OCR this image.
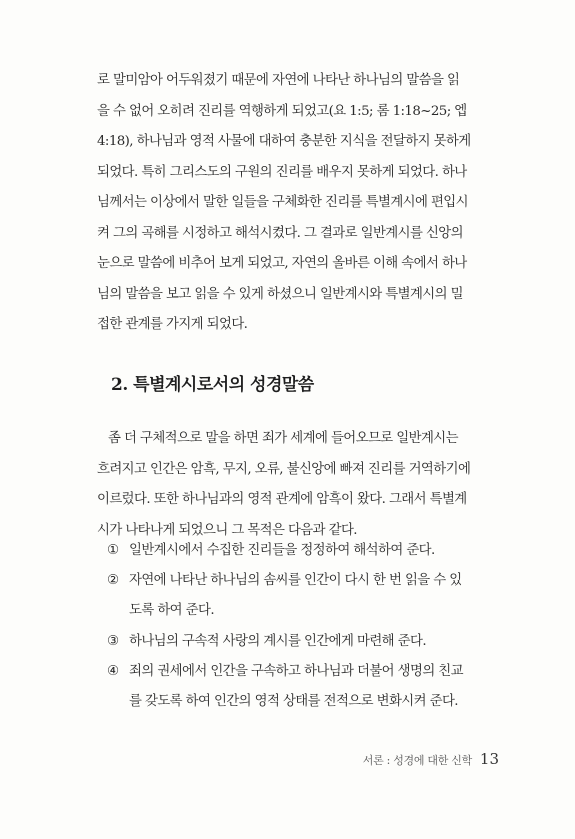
로 말미암아 어두워졌기 때문에 자연에 나타난 하나님의 말씀을 읽
을 수 없어 오히려 진리를 역행하게 되었고(요 1:5; 롬 1:18~25; 엡
4:18), 하나님과 영적 사물에 대하여 충분한 지식을 전달하지 못하게
되었다. 특히 그리스도의 구원의 진리를 배우지 못하게 되었다. 하나
님께서는 이상에서 말한 일들을 구체화한 진리를 특별계시에 편입시
켜 그의 곡해를 시정하고 해석시켰다. 그 결과로 일반계시를 신앙의
눈으로 말씀에 비추어 보게 되었고, 자연의 올바른 이해 속에서 하나
님의 말씀을 보고 읽을 수 있게 하셨으니 일반계시와 특별계시의 밀
접한 관계를 가지게 되었다.
2. 특별계시로서의 성경말씀
좀 더 구체적으로 말을 하면 죄가 세계에 들어오므로 일반계시는
흐려지고 인간은 암흑, 무지, 오류, 불신앙에 빠져 진리를 거역하기에
이르렀다. 또한 하나님과의 영적 관계에 암흑이 왔다. 그래서 특별계
시가 나타나게 되었으니 그 목적은 다음과 같다.
① 일반계시에서 수집한 진리들을 정정하여 해석하여 준다.
② 자연에 나타난 하나님의 솜씨를 인간이 다시 한 번 읽을 수 있
도록 하여 준다.
③ 하나님의 구속적 사랑의 계시를 인간에게 마련해 준다.
④ 죄의 권세에서 인간을 구속하고 하나님과 더불어 생명의 친교
를 갖도록 하여 인간의 영적 상태를 전적으로 변화시켜 준다.
서론 : 성경에 대한 신학 13
